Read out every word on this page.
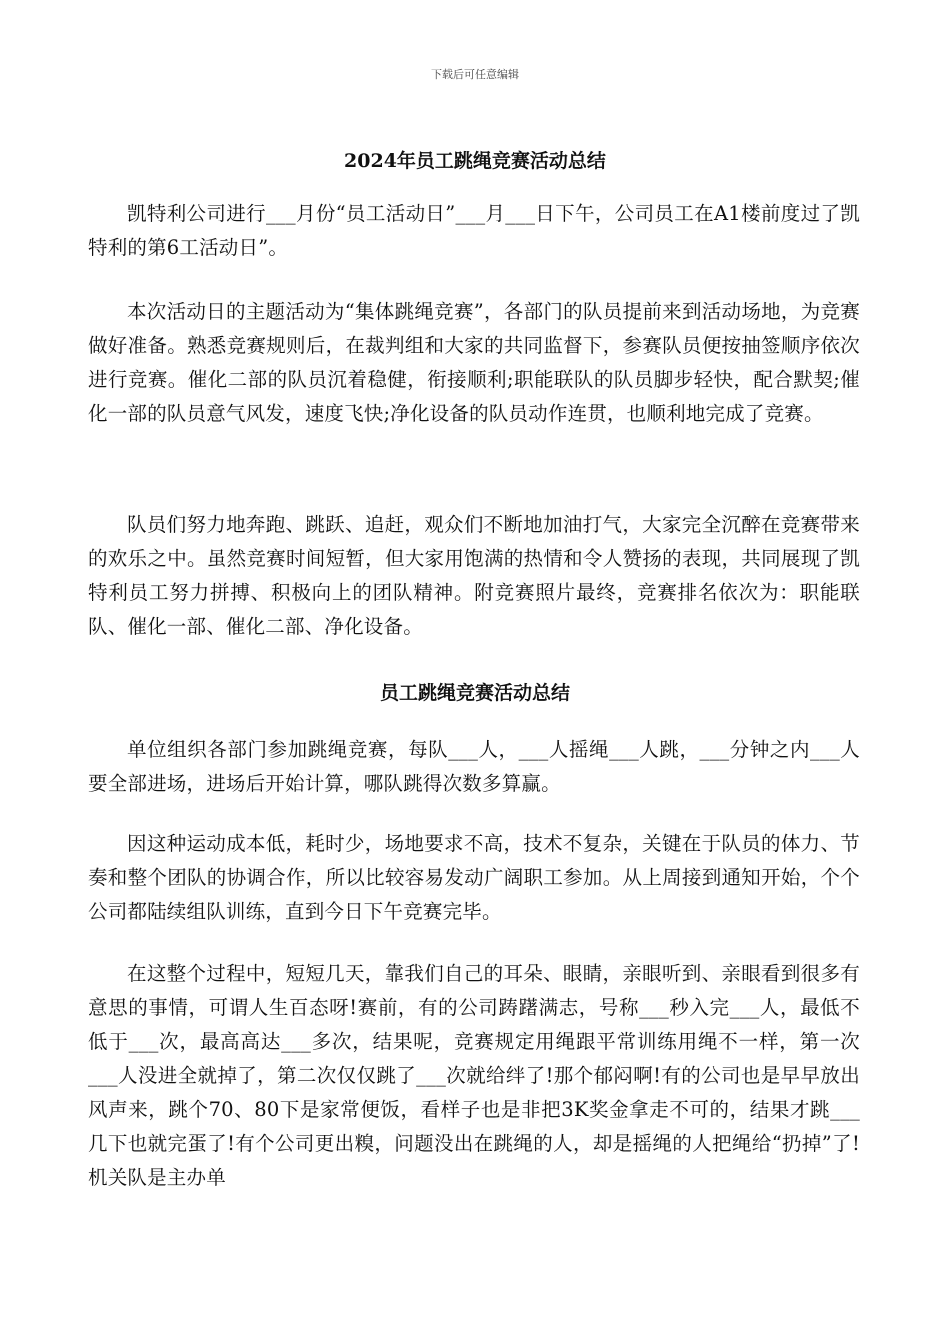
下载后可任意编辑
2024年员工跳绳竞赛活动总结

凯特利公司进行___月份“员工活动日”___月___日下午，公司员工在A1楼前度过了凯特利的第6工活动日”。

本次活动日的主题活动为“集体跳绳竞赛”，各部门的队员提前来到活动场地，为竞赛做好准备。熟悉竞赛规则后，在裁判组和大家的共同监督下，参赛队员便按抽签顺序依次进行竞赛。催化二部的队员沉着稳健，衔接顺利;职能联队的队员脚步轻快，配合默契;催化一部的队员意气风发，速度飞快;净化设备的队员动作连贯，也顺利地完成了竞赛。

队员们努力地奔跑、跳跃、追赶，观众们不断地加油打气，大家完全沉醉在竞赛带来的欢乐之中。虽然竞赛时间短暂，但大家用饱满的热情和令人赞扬的表现，共同展现了凯特利员工努力拼搏、积极向上的团队精神。附竞赛照片最终，竞赛排名依次为：职能联队、催化一部、催化二部、净化设备。

员工跳绳竞赛活动总结

单位组织各部门参加跳绳竞赛，每队___人，___人摇绳___人跳，___分钟之内___人要全部进场，进场后开始计算，哪队跳得次数多算赢。

因这种运动成本低，耗时少，场地要求不高，技术不复杂，关键在于队员的体力、节奏和整个团队的协调合作，所以比较容易发动广阔职工参加。从上周接到通知开始，个个公司都陆续组队训练，直到今日下午竞赛完毕。

在这整个过程中，短短几天，靠我们自己的耳朵、眼睛，亲眼听到、亲眼看到很多有意思的事情，可谓人生百态呀!赛前，有的公司踌躇满志，号称___秒入完___人，最低不低于___次，最高高达___多次，结果呢，竞赛规定用绳跟平常训练用绳不一样，第一次___人没进全就掉了，第二次仅仅跳了___次就给绊了!那个郁闷啊!有的公司也是早早放出风声来，跳个70、80下是家常便饭，看样子也是非把3K奖金拿走不可的，结果才跳___几下也就完蛋了!有个公司更出糗，问题没出在跳绳的人，却是摇绳的人把绳给“扔掉”了!机关队是主办单
